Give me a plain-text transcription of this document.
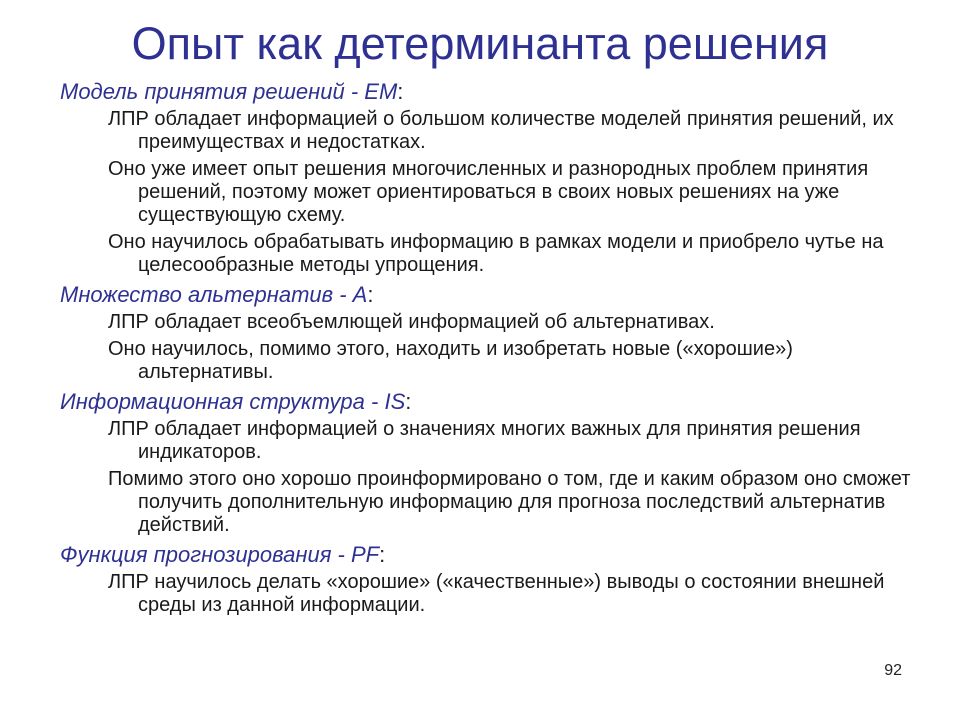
Опыт как детерминанта решения
Модель принятия решений - EM:
ЛПР обладает информацией о большом количестве моделей принятия решений, их преимуществах и недостатках.
Оно уже имеет опыт решения многочисленных и разнородных проблем принятия решений, поэтому может ориентироваться в своих новых решениях на уже существующую схему.
Оно научилось обрабатывать информацию в рамках модели и приобрело чутье на целесообразные методы упрощения.
Множество альтернатив - A:
ЛПР обладает всеобъемлющей информацией об альтернативах.
Оно научилось, помимо этого, находить и изобретать новые («хорошие») альтернативы.
Информационная структура - IS:
ЛПР обладает информацией о значениях многих важных для принятия решения индикаторов.
Помимо этого оно хорошо проинформировано о том, где и каким образом оно сможет получить дополнительную информацию для прогноза последствий альтернатив действий.
Функция прогнозирования - PF:
ЛПР научилось делать «хорошие» («качественные») выводы о состоянии внешней среды из данной информации.
92
